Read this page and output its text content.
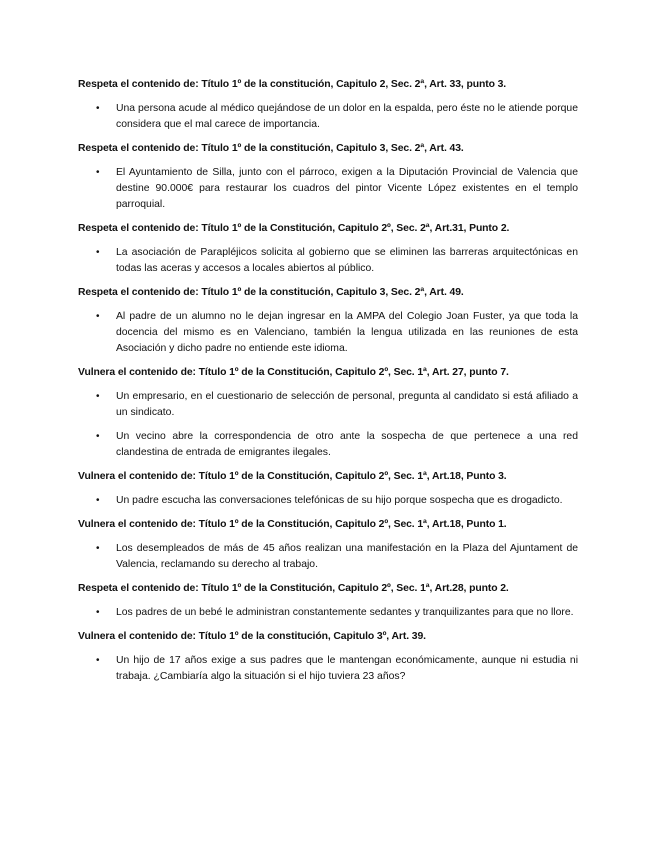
Respeta el contenido de: Título 1º de la constitución, Capitulo 2, Sec. 2ª, Art. 33, punto 3.

• Una persona acude al médico quejándose de un dolor en la espalda, pero éste no le atiende porque considera que el mal carece de importancia.

Respeta el contenido de: Título 1º de la constitución, Capitulo 3, Sec. 2ª, Art. 43.

• El Ayuntamiento de Silla, junto con el párroco, exigen a la Diputación Provincial de Valencia que destine 90.000€ para restaurar los cuadros del pintor Vicente López existentes en el templo parroquial.

Respeta el contenido de: Título 1º de la Constitución, Capitulo 2º, Sec. 2ª, Art.31, Punto 2.

• La asociación de Parapléjicos solicita al gobierno que se eliminen las barreras arquitectónicas en todas las aceras y accesos a locales abiertos al público.

Respeta el contenido de: Título 1º de la constitución, Capitulo 3, Sec. 2ª, Art. 49.

• Al padre de un alumno no le dejan ingresar en la AMPA del Colegio Joan Fuster, ya que toda la docencia del mismo es en Valenciano, también la lengua utilizada en las reuniones de esta Asociación y dicho padre no entiende este idioma.

Vulnera el contenido de: Título 1º de la Constitución, Capitulo 2º, Sec. 1ª, Art. 27, punto 7.

• Un empresario, en el cuestionario de selección de personal, pregunta al candidato si está afiliado a un sindicato.
• Un vecino abre la correspondencia de otro ante la sospecha de que pertenece a una red clandestina de entrada de emigrantes ilegales.

Vulnera el contenido de: Título 1º de la Constitución, Capitulo 2º, Sec. 1ª, Art.18, Punto 3.

• Un padre escucha las conversaciones telefónicas de su hijo porque sospecha que es drogadicto.

Vulnera el contenido de: Título 1º de la Constitución, Capitulo 2º, Sec. 1ª, Art.18, Punto 1.

• Los desempleados de más de 45 años realizan una manifestación en la Plaza del Ajuntament de Valencia, reclamando su derecho al trabajo.

Respeta el contenido de: Título 1º de la Constitución, Capitulo 2º, Sec. 1ª, Art.28, punto 2.

• Los padres de un bebé le administran constantemente sedantes y tranquilizantes para que no llore.

Vulnera el contenido de: Título 1º de la constitución, Capitulo 3º, Art. 39.

• Un hijo de 17 años exige a sus padres que le mantengan económicamente, aunque ni estudia ni trabaja. ¿Cambiaría algo la situación si el hijo tuviera 23 años?
